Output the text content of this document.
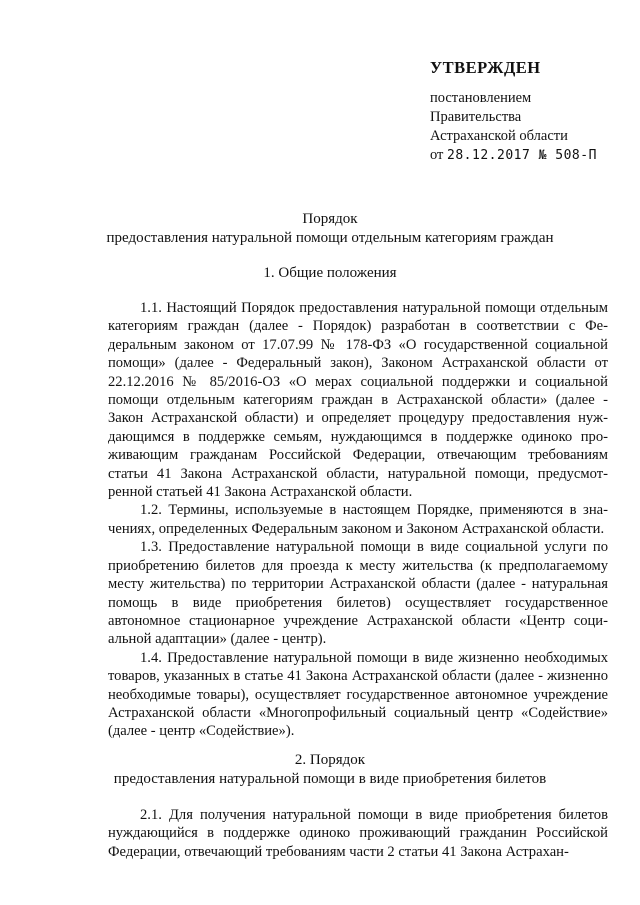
УТВЕРЖДЕН
постановлением
Правительства
Астраханской области
от 28.12.2017 № 508-П
Порядок
предоставления натуральной помощи отдельным категориям граждан
1. Общие положения

1.1. Настоящий Порядок предоставления натуральной помощи отдельным категориям граждан (далее - Порядок) разработан в соответствии с Федеральным законом от 17.07.99 № 178-ФЗ «О государственной социальной помощи» (далее - Федеральный закон), Законом Астраханской области от 22.12.2016 № 85/2016-ОЗ «О мерах социальной поддержки и социальной помощи отдельным категориям граждан в Астраханской области» (далее - Закон Астраханской области) и определяет процедуру предоставления нуждающимся в поддержке семьям, нуждающимся в поддержке одиноко проживающим гражданам Российской Федерации, отвечающим требованиям статьи 41 Закона Астраханской области, натуральной помощи, предусмотренной статьей 41 Закона Астраханской области.

1.2. Термины, используемые в настоящем Порядке, применяются в значениях, определенных Федеральным законом и Законом Астраханской области.

1.3. Предоставление натуральной помощи в виде социальной услуги по приобретению билетов для проезда к месту жительства (к предполагаемому месту жительства) по территории Астраханской области (далее - натуральная помощь в виде приобретения билетов) осуществляет государственное автономное стационарное учреждение Астраханской области «Центр социальной адаптации» (далее - центр).

1.4. Предоставление натуральной помощи в виде жизненно необходимых товаров, указанных в статье 41 Закона Астраханской области (далее - жизненно необходимые товары), осуществляет государственное автономное учреждение Астраханской области «Многопрофильный социальный центр «Содействие» (далее - центр «Содействие»).

2. Порядок
предоставления натуральной помощи в виде приобретения билетов

2.1. Для получения натуральной помощи в виде приобретения билетов нуждающийся в поддержке одиноко проживающий гражданин Российской Федерации, отвечающий требованиям части 2 статьи 41 Закона Астрахан-
